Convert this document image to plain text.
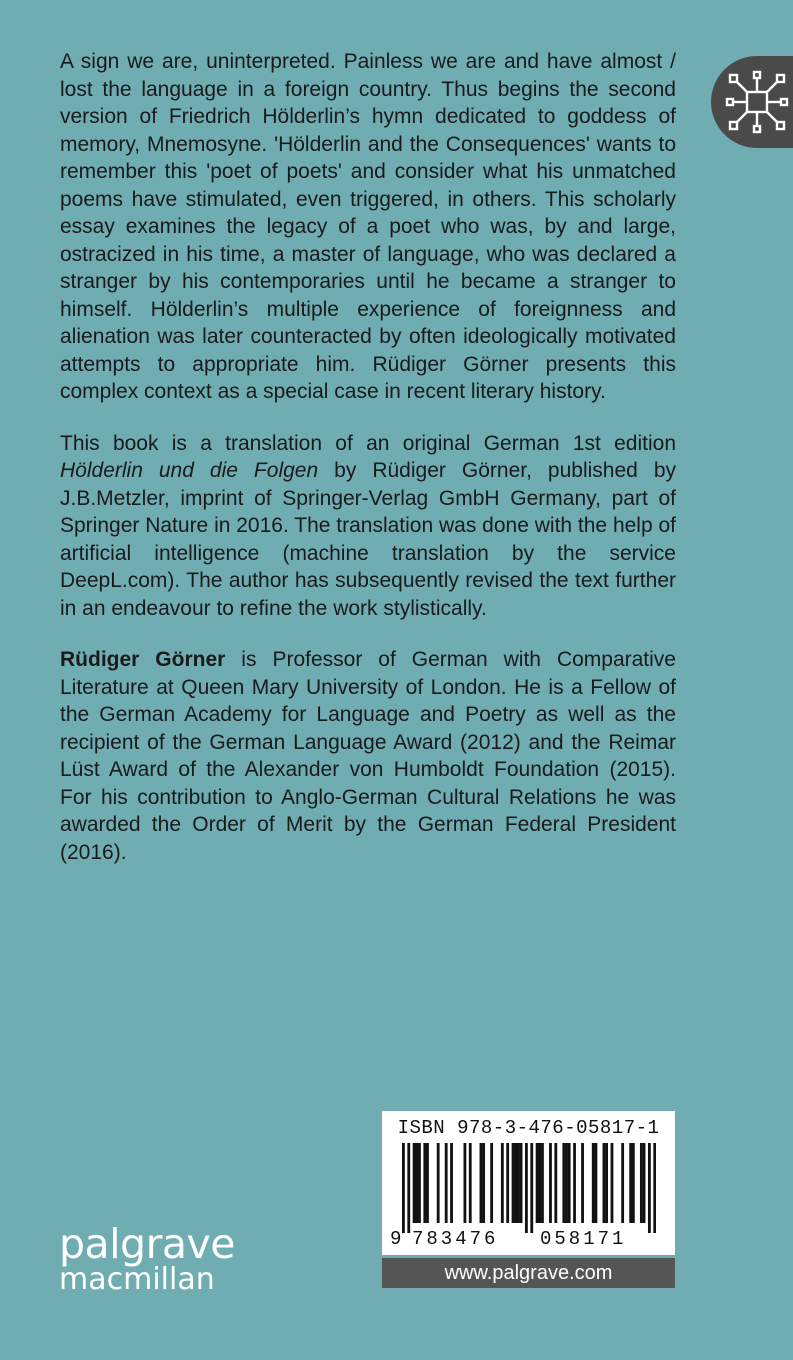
A sign we are, uninterpreted. Painless we are and have almost / lost the language in a foreign country. Thus begins the second version of Friedrich Hölderlin’s hymn dedicated to goddess of memory, Mnemosyne. 'Hölderlin and the Consequences' wants to remember this 'poet of poets' and consider what his unmatched poems have stimulated, even triggered, in others. This scholarly essay examines the legacy of a poet who was, by and large, ostracized in his time, a master of language, who was declared a stranger by his contemporaries until he became a stranger to himself. Hölderlin’s multiple experience of foreignness and alienation was later counteracted by often ideologically motivated attempts to appropriate him. Rüdiger Görner presents this complex context as a special case in recent literary history.

This book is a translation of an original German 1st edition Hölderlin und die Folgen by Rüdiger Görner, published by J.B.Metzler, imprint of Springer-Verlag GmbH Germany, part of Springer Nature in 2016. The translation was done with the help of artificial intelligence (machine translation by the service DeepL.com). The author has subsequently revised the text further in an endeavour to refine the work stylistically.

Rüdiger Görner is Professor of German with Comparative Literature at Queen Mary University of London. He is a Fellow of the German Academy for Language and Poetry as well as the recipient of the German Language Award (2012) and the Reimar Lüst Award of the Alexander von Humboldt Foundation (2015). For his contribution to Anglo-German Cultural Relations he was awarded the Order of Merit by the German Federal President (2016).

ISBN 978-3-476-05817-1
9 783476 058171
www.palgrave.com
palgrave
macmillan
